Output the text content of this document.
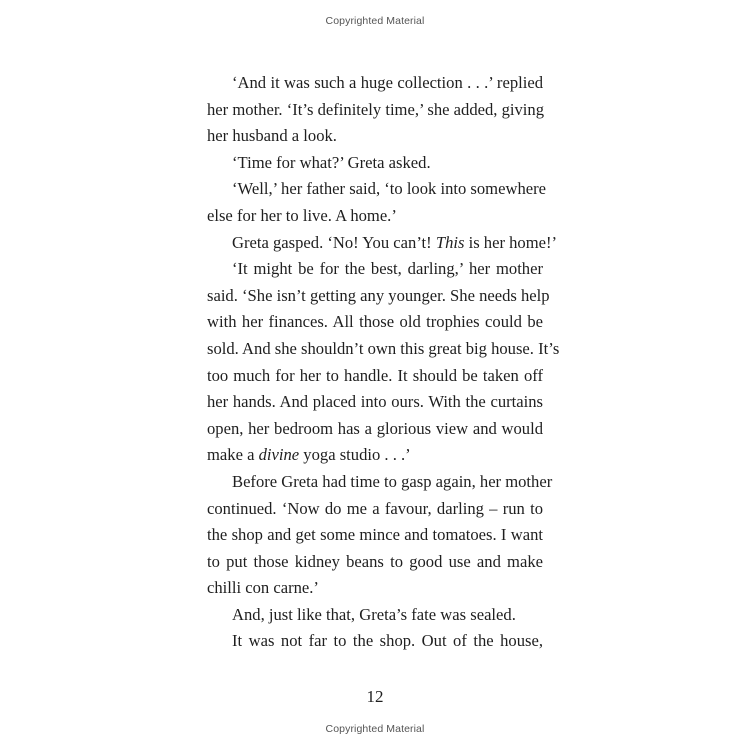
Copyrighted Material
‘And it was such a huge collection . . .’ replied
her mother. ‘It’s definitely time,’ she added, giving
her husband a look.
‘Time for what?’ Greta asked.
‘Well,’ her father said, ‘to look into somewhere
else for her to live. A home.’
Greta gasped. ‘No! You can’t! This is her home!’
‘It might be for the best, darling,’ her mother
said. ‘She isn’t getting any younger. She needs help
with her finances. All those old trophies could be
sold. And she shouldn’t own this great big house. It’s
too much for her to handle. It should be taken off
her hands. And placed into ours. With the curtains
open, her bedroom has a glorious view and would
make a divine yoga studio . . .’
Before Greta had time to gasp again, her mother
continued. ‘Now do me a favour, darling – run to
the shop and get some mince and tomatoes. I want
to put those kidney beans to good use and make
chilli con carne.’
And, just like that, Greta’s fate was sealed.
It was not far to the shop. Out of the house,
12
Copyrighted Material
